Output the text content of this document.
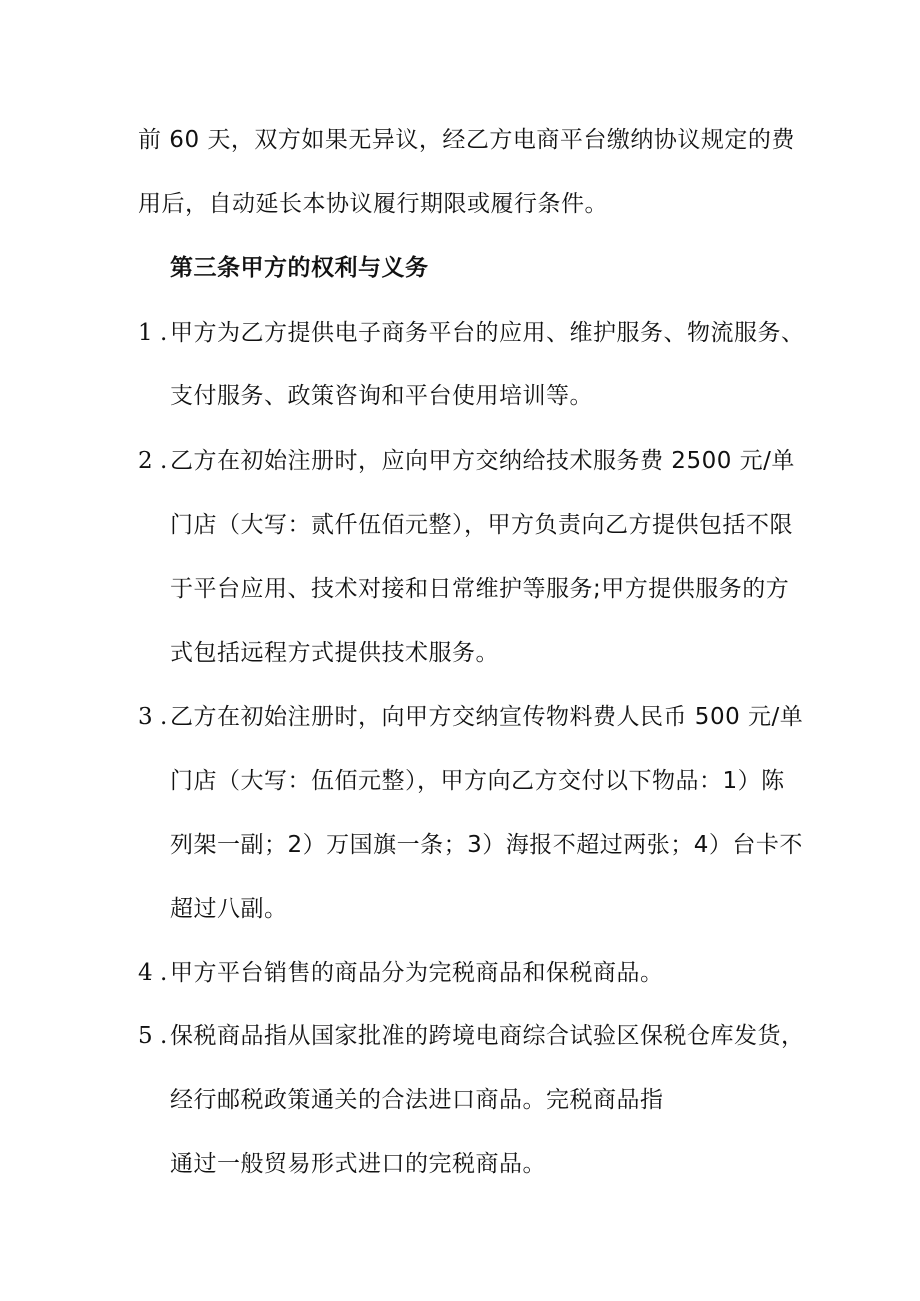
前 60 天，双方如果无异议，经乙方电商平台缴纳协议规定的费
用后，自动延长本协议履行期限或履行条件。
第三条甲方的权利与义务
1 . 甲方为乙方提供电子商务平台的应用、维护服务、物流服务、
支付服务、政策咨询和平台使用培训等。
2 . 乙方在初始注册时，应向甲方交纳给技术服务费 2500 元/单
门店（大写：贰仟伍佰元整），甲方负责向乙方提供包括不限
于平台应用、技术对接和日常维护等服务;甲方提供服务的方
式包括远程方式提供技术服务。
3 . 乙方在初始注册时，向甲方交纳宣传物料费人民币 500 元/单
门店（大写：伍佰元整），甲方向乙方交付以下物品：1）陈
列架一副；2）万国旗一条；3）海报不超过两张；4）台卡不
超过八副。
4 . 甲方平台销售的商品分为完税商品和保税商品。
5 . 保税商品指从国家批准的跨境电商综合试验区保税仓库发货，
经行邮税政策通关的合法进口商品。完税商品指
通过一般贸易形式进口的完税商品。
